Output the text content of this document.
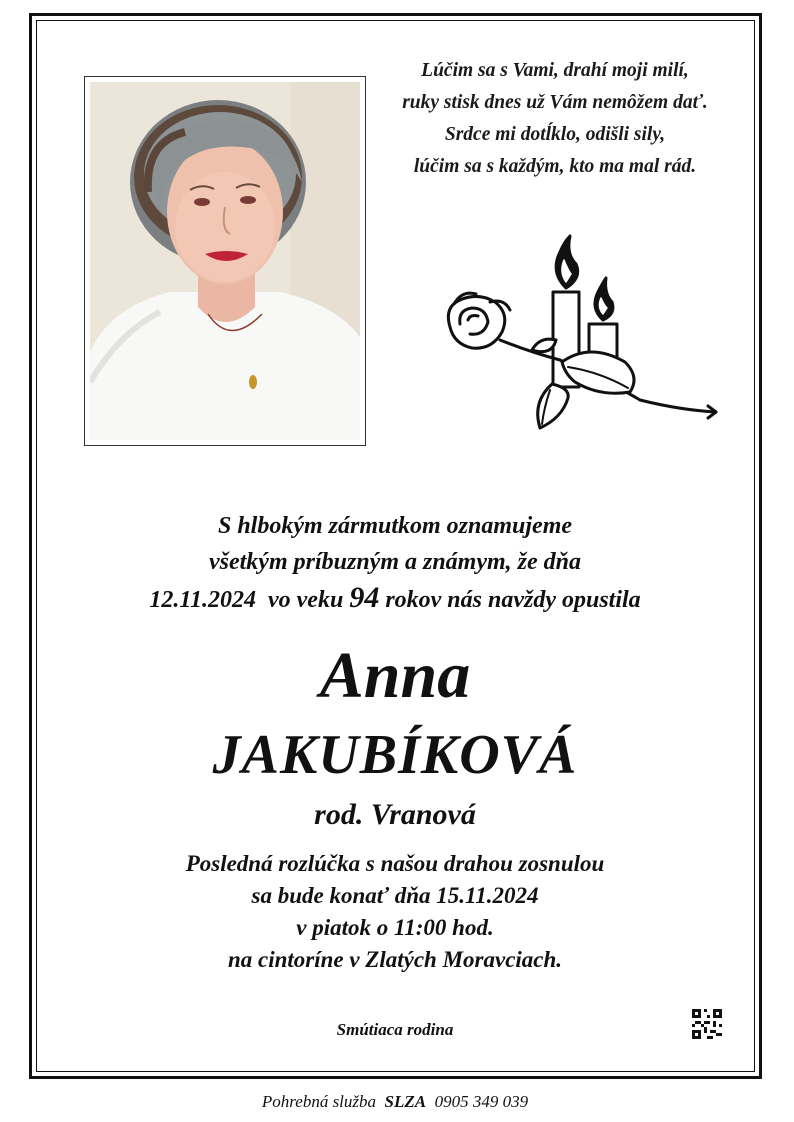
Lúčim sa s Vami, drahí moji milí,
ruky stisk dnes už Vám nemôžem dať.
Srdce mi dotĺklo, odišli sily,
lúčim sa s každým, kto ma mal rád.
S hlbokým zármutkom oznamujeme
všetkým príbuzným a známym, že dňa
12.11.2024 vo veku 94 rokov nás navždy opustila
Anna
JAKUBÍKOVÁ
rod. Vranová
Posledná rozlúčka s našou drahou zosnulou
sa bude konať dňa 15.11.2024
v piatok o 11:00 hod.
na cintoríne v Zlatých Moravciach.
Smútiaca rodina
Pohrebná služba SLZA 0905 349 039
